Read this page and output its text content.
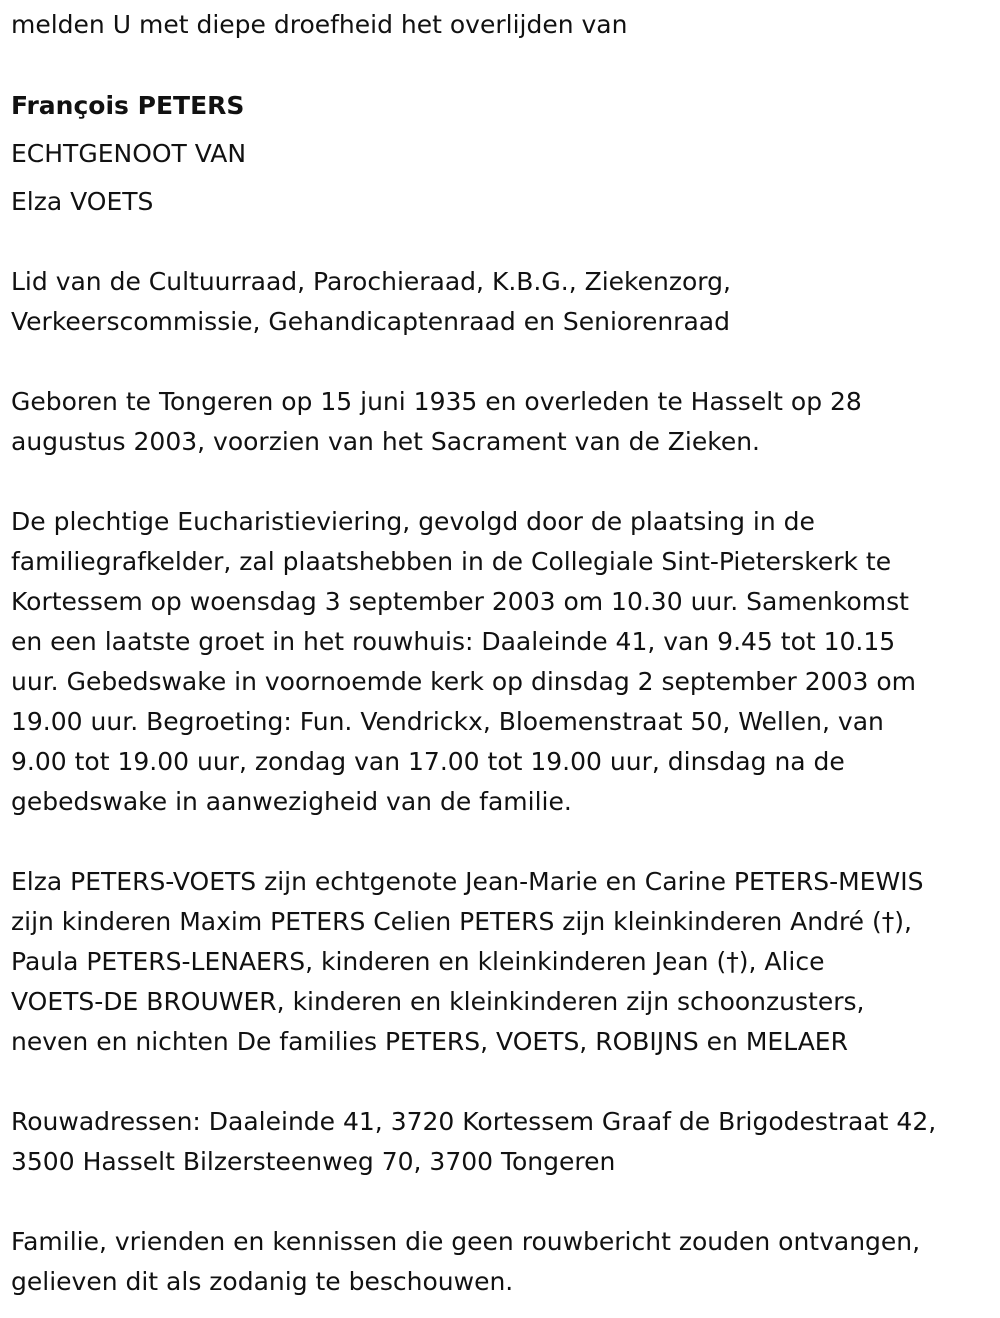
melden U met diepe droefheid het overlijden van

François PETERS

ECHTGENOOT VAN

Elza VOETS

Lid van de Cultuurraad, Parochieraad, K.B.G., Ziekenzorg,
Verkeerscommissie, Gehandicaptenraad en Seniorenraad
Geboren te Tongeren op 15 juni 1935 en overleden te Hasselt op 28
augustus 2003, voorzien van het Sacrament van de Zieken.
De plechtige Eucharistieviering, gevolgd door de plaatsing in de
familiegrafkelder, zal plaatshebben in de Collegiale Sint-Pieterskerk te
Kortessem op woensdag 3 september 2003 om 10.30 uur. Samenkomst
en een laatste groet in het rouwhuis: Daaleinde 41, van 9.45 tot 10.15
uur. Gebedswake in voornoemde kerk op dinsdag 2 september 2003 om
19.00 uur. Begroeting: Fun. Vendrickx, Bloemenstraat 50, Wellen, van
9.00 tot 19.00 uur, zondag van 17.00 tot 19.00 uur, dinsdag na de
gebedswake in aanwezigheid van de familie.
Elza PETERS-VOETS zijn echtgenote Jean-Marie en Carine PETERS-MEWIS
zijn kinderen Maxim PETERS Celien PETERS zijn kleinkinderen André (†),
Paula PETERS-LENAERS, kinderen en kleinkinderen Jean (†), Alice
VOETS-DE BROUWER, kinderen en kleinkinderen zijn schoonzusters,
neven en nichten De families PETERS, VOETS, ROBIJNS en MELAER
Rouwadressen: Daaleinde 41, 3720 Kortessem Graaf de Brigodestraat 42,
3500 Hasselt Bilzersteenweg 70, 3700 Tongeren
Familie, vrienden en kennissen die geen rouwbericht zouden ontvangen,
gelieven dit als zodanig te beschouwen.
